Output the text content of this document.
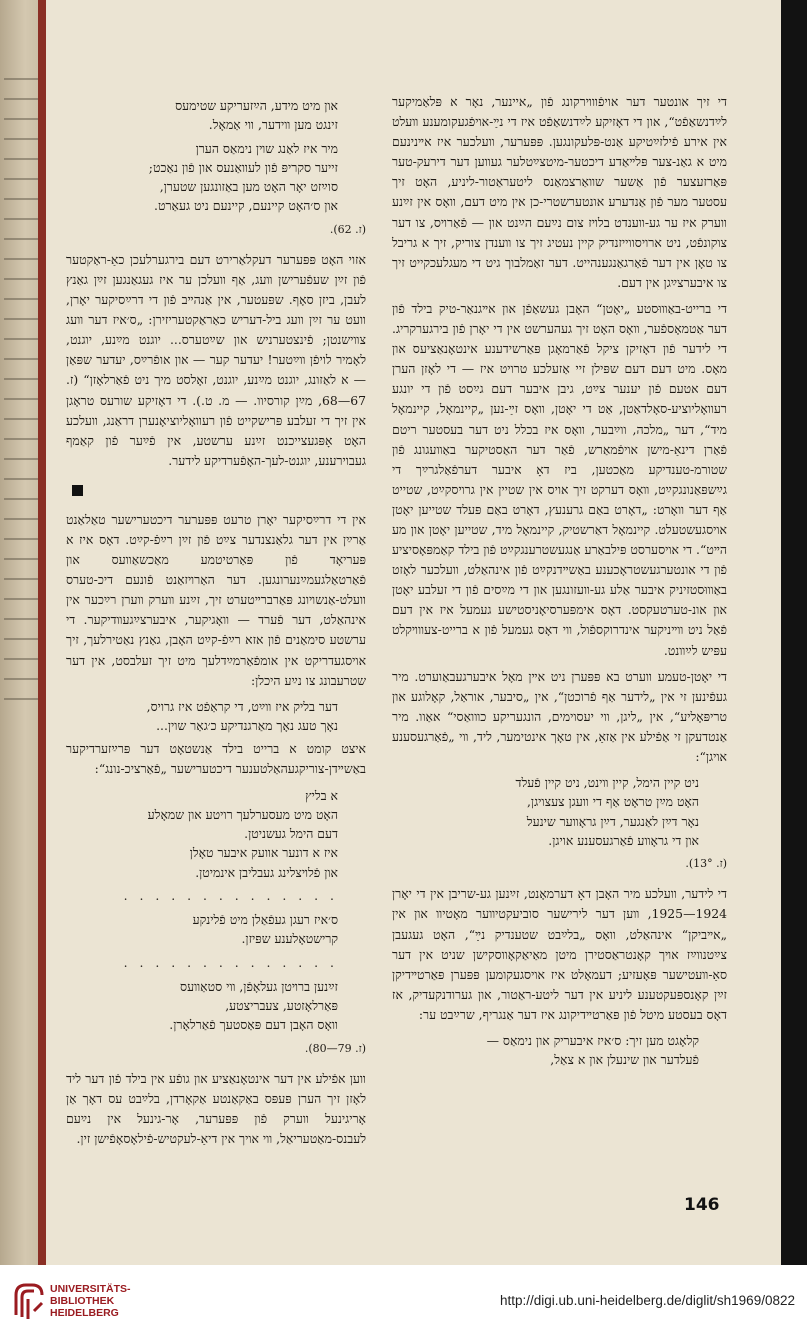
די זיך אונטער דער אויפֿװױרקונג פֿון „איינער, נאָר א פּלאַמיקער לײַדנשאַפֿט“, און די דאָזיקע לײַדנשאַפֿט איז די נײַ-אויפֿגעקומענע װעלט אין אירע פֿילזײַטיקע אַנט-פּלעקונגען. פּפּערער, װעלכער איז אײנינעם מיט א גאַנ-צער פּלײאַדע דיכטער-מיטצײַטלער געװען דער דירעק-טער פּאַרזעצער פֿון אַשער שװאַרצמאַנס ליטעראַטור-ליניע, האָט זיך עסטער מער פֿון אַנדערע אונטערשטרי-כן אין מיט דעם, װאָס אין זײַנע װערק איז ער גע-װענדט בלױז צום נײַעם הײַנט און — פֿאַרױס, צו דער צוקונפֿט, ניט ארויסווייזנדיק קיין נעטיג זיך צו װענדן צוריק, זיך א גריבל צו טאָן אין דער פֿאַרגאַנגענהייט. דער זאַמלבוך גיט די מעגלעכקייט זיך צו איבערצײַגן אין דעם.

די ברייט-באַװוּסטע „יאָטן“ האָבן געשאַפֿן און אײגנאַר-טיק בילד פֿון דער אַטמאָספֿער, װאָס האָט זיך געהערשט אין די יאָרן פֿון בירגערקריג. די לידער פֿון דאָזיקן ציקל פֿאַרמאָגן פּאַרשידענע אינטאָנאַציעס און מאָס. מיט דעם דעם שפּילן זיי אַזעלכע טרויט איז — די לאָזן הערן דעם אטעם פֿון יענער צײַט, גיבן איבער דעם גײַסט פֿון די יונגע רעװאָליוציע-סאָלדאַטן, אַט די יאָטן, װאָס זײַ-נען „קיינמאָל, קיינמאָל מיד“, דער „מלכה, ווײַבער, װאָס איז בכלל ניט דער בעסטער ריטם פֿאַרן דינאַ-מישן אויפֿמאַרש, פֿאַר דער האַסטיקער באַװעגונג פֿון שטורמ-טענדיקע מאַכטען, ביז דאָ איבער דערפֿאַלגרײַך די גײַשפּאַנונגקײַט, װאָס דערקט זיך אויס אין שטיין אין גרױסקײַט, שטייט אַף דער װאָרט: „דאָרט באַם גרענעץ, דאָרט באַם פּעלד שטייען יאָטן אויסגעשטעלט. קיינמאָל דאַרשטיק, קיינמאָל מיד, שטייען יאָטן און מע הײט“. די אויסערסט פּילבאַרע אַנגעשטרענגקײַט פֿון בילד קאַמפּאָסיציע פֿון די אונטערגעשטראָכענע באַשײדנקײַט פֿון אינהאַלט, װעלכער לאָזט באַװוּסטזיניק איבער אַלע גע-װעזונגען און די מײַסים פֿון די זעלבע יאָטן און אונ-טערטעקסט. דאָס אימפּערסיאָניסטישע געמעל איז אין דעם פֿאַל ניט װײניקער אינדרוקספֿול, װי דאָס געמעל פֿון א ברייט-צעװױקלט עפּיש לײַװנט.

די יאָטן-טעמע װערט בא פּפּערן ניט אײן מאָל איבערגעבאַוערט. מיר געפֿינען זי אין „לידער אַף פֿרוכטן“, אין „סיבער, אוראַל, קאָלוגע און טריפּאָליע“, אין „ליגן, װי יעסוימים, הונגעריקע כװואַסי“ אאַוו. מיר אַנטדעקן זי אַפֿילע אין אַזאַ, אין טאָך אינטימער, ליד, װי „פֿאַרגעסענע אויגן“:

ניט קיין הימל, קיין װינט, ניט קיין פֿעלד
האָט מײַן טראָט אַף די װעגן צעצויגן,
נאָר דײַן לאַנגער, דײַן גראָװער שינעל
און די גראָװע פֿאַרגעסענע אויגן.
(ז. 13°).

די לידער, װעלכע מיר האָבן דאָ דערמאָנט, זײַנען גע-שריבן אין די יאָרן 1924—1925, װען דער לירישער סוביעקטיװער מאָטיװ און אין „אײביקן“ אינהאַלט, װאָס „בלײַבט שטענדיק נײַ“, האָט געגעבן צײַטנװײַז אױך קאָנטראַסטירן מיטן מאַיאַקאָװסקישן שניט אין דער סאַ-װעטישער פּאָעזיע; דעמאָלט איז אויסגעקומען פּפּערן פּאַרטײדיקן זײַן קאָנספּעקטענע ליניע אין דער ליטע-ראַטור, און גערודנקעדיק, אז דאָס בעסטע מיטל פֿון פּאַרטײדיקונג איז דער אַנגריף, שרײַבט ער:

קלאָגט מען זיך: ס׳איז איבעריק און נימאַס —
פֿעלדער און שינעלן און א צאַל,
און מיט מידע, הײַזעריקע שטימעס
זינגט מען װידער, װי אַמאָל.
מיר איז לאַנג שױן נימאַס הערן
זייער סקריפּ פֿון לעװאַנעס און פֿון נאַכט;
סוײַזט יאָר האָט מען באַזונגען שטערן,
און ס׳האָט קיינעם, קיינעם ניט געאַרט.
(ז. 62).

אזוי האָט פּפּערער דעקלאַרירט דעם בירגערלעכן כאַ-ראַקטער פֿון זײַן שעפֿערישן װעג, אַף װעלכן ער איז געגאַנגען זײַן גאַנץ לעבן, ביזן סאָף. שפּעטער, אין אַנהײב פֿון די דרײַסיקער יאָרן, װעט ער זײַן װעג ביל-דעריש כאַראַקטעריזירן: „ס׳איז דער װעג צװישנטן; פֿינצטערניש און שײַטערס... יוגנט מײַנע, יוגנט, לאָמיר לויפֿן װײַטער! יעדער קער — און אופֿרײַס, יעדער שפּאַן — א לאַזונג, יוגנט מײַנע, יוגנט, זאָלסט מיך ניט פֿאַרלאָזן“ (ז. 67—68, מײַן קורסיוו. — מ. ט.). די דאָזיקע שורעס טראָגן אין זיך די זעלבע פּרישקייט פֿון רעװאָליוציאָנערן דראַנג, װעלכע האָט אָפּגעצייכנט זײַנע ערשטע, אין פֿײַער פֿון קאַמף געבוירענע, יוגנט-לעך-האָפֿערדיקע לידער.

אין די דרײַסיקער יאָרן טרעט פּפּערער דיכטערישער טאַלאַנט אַרײַן אין דער גלאַנצנדער צײַט פֿון זײַן רײַפֿ-קײַט. דאָס איז א פּעריאָד פֿון פּאַרטיטמע מאַכשאַװעס און פֿאַרטאַלגעמײַנערונגען. דער האַרױזאַנט פֿונעם דיכ-טערס װעלט-אַנשױונג פּאַרברײטערט זיך, זײַנע װערק װערן רײַכער אין אינהאַלט, דער פֿערד — װאָגיקער, איבערצײַגעװדיקער. די ערשטע סימאַנים פֿון אזא רײַפֿ-קײַט האָבן, גאַנץ נאַטירלעך, זיך אויסגעדריקט אין אומפֿאַרמײַדלעך מיט זיך זעלבסט, אין דער שטרעבונג צו נײַע היכלן:

דער בליק איז װײַט, די קראַפֿט איז גרויס,
נאָך טעג נאָך מאַרגנדיקע כ׳גאַר שוין...

איצט קומט א ברייט בילד אַנשטאָט דער פּרײַזערדיקער באַשײדן-צוריקגעהאַלטענער דיכטערישער „פֿאַרציכ-נונג“:

א בליץ
האָט מיט מעסערלעך רויטע און שמאָלע
דעם הימל געשניטן.
איז א דונער אװעק איבער טאָלן
און פֿלױצלינג געבליבן אינמיטן.
. . . . . . . . . . . . . .
ס׳איז רעגן געפֿאַלן מיט פֿלינקע
קרישטאָלענע שפּיזן.
. . . . . . . . . . . . . .
זײַנען ברױטן געלאָפֿן, װי סטאַװעס
פּאַרלאָזטע, צעבריצטע,
װאָס האָבן דעם פּאַסטעך פֿאַרלאָרן.
(ז. 79—80).

װען אפֿילע אין דער אינטאָנאַציע און גופֿע אין בילד פֿון דער ליד לאָזן זיך הערן פּעפּס באַקאַנטע אַקאָרדן, בלײַבט עס דאָך אַן אָריגינעל װערק פֿון פּפּערער, אָר-גינעל אין נײַעם לעבנס-מאַטעריאַל, װי אויך אין דיאַ-לעקטיש-פֿילאָסאָפֿישן זין.

146
UNIVERSITÄTS-
BIBLIOTHEK
HEIDELBERG
http://digi.ub.uni-heidelberg.de/diglit/sh1969/0822
